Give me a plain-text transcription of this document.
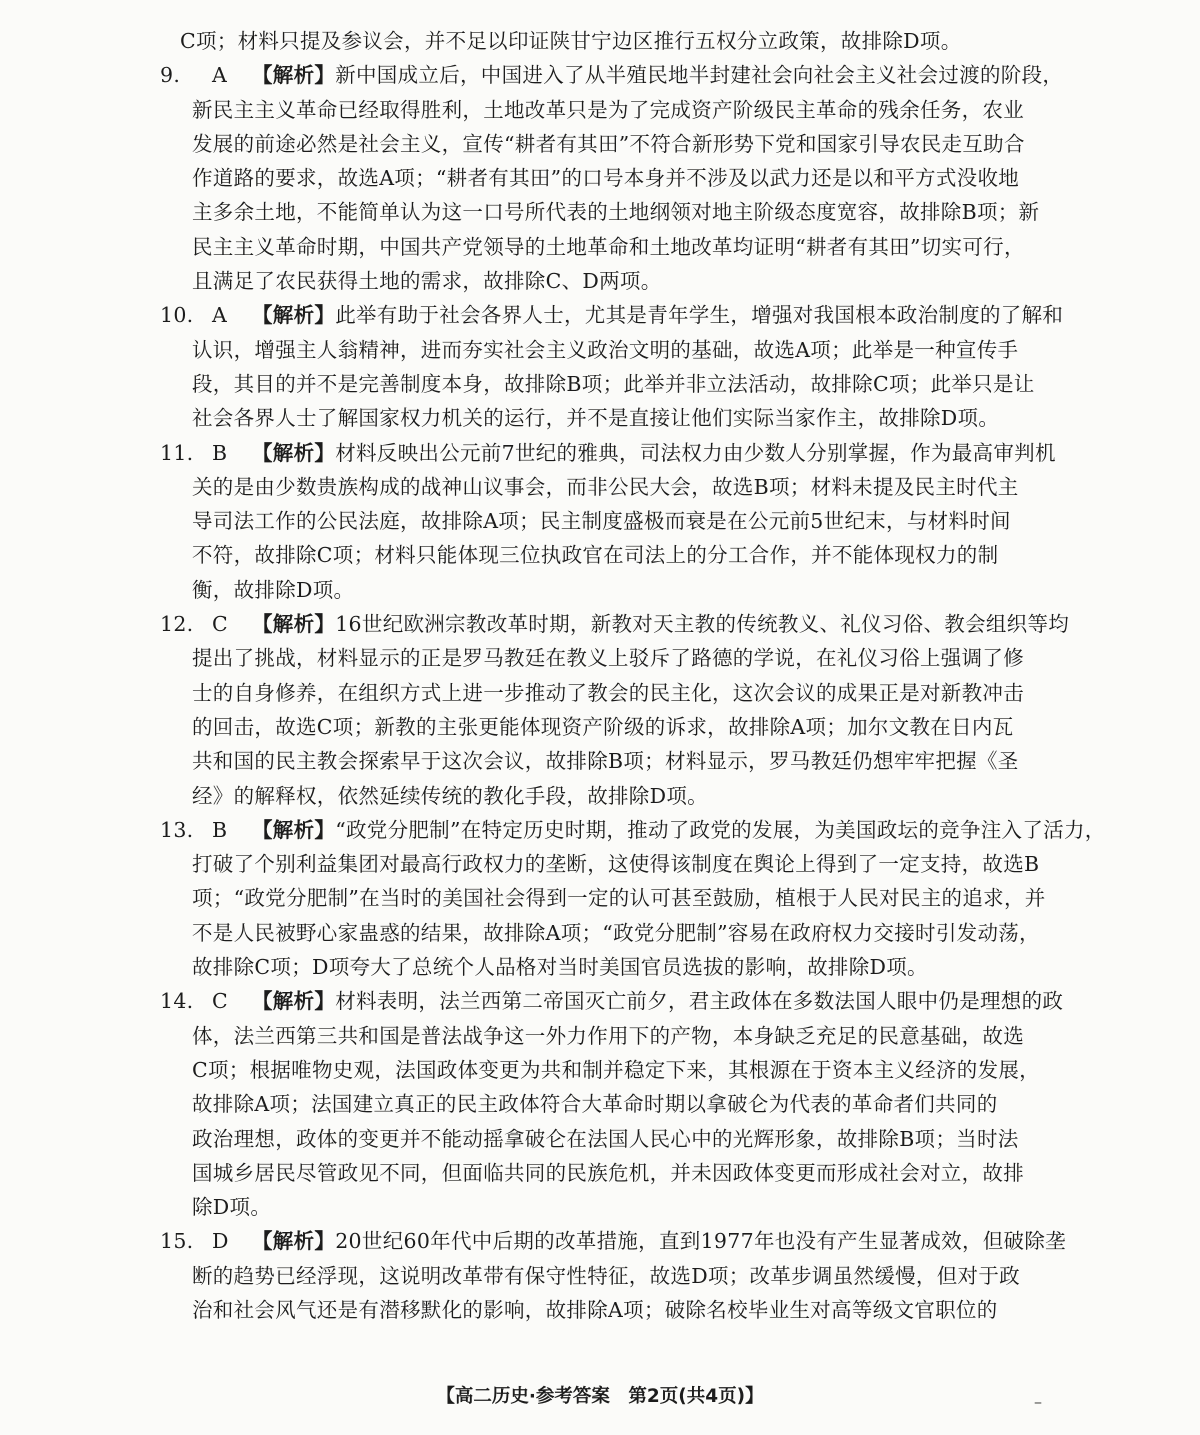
C项；材料只提及参议会，并不足以印证陕甘宁边区推行五权分立政策，故排除D项。

9.	A	【解析】 新中国成立后，中国进入了从半殖民地半封建社会向社会主义社会过渡的阶段，

新民主主义革命已经取得胜利，土地改革只是为了完成资产阶级民主革命的残余任务，农业

发展的前途必然是社会主义，宣传“耕者有其田”不符合新形势下党和国家引导农民走互助合

作道路的要求，故选A项；“耕者有其田”的口号本身并不涉及以武力还是以和平方式没收地

主多余土地，不能简单认为这一口号所代表的土地纲领对地主阶级态度宽容，故排除B项；新

民主主义革命时期，中国共产党领导的土地革命和土地改革均证明“耕者有其田”切实可行，

且满足了农民获得土地的需求，故排除C、D两项。

10. A	【解析】 此举有助于社会各界人士，尤其是青年学生，增强对我国根本政治制度的了解和

认识，增强主人翁精神，进而夯实社会主义政治文明的基础，故选A项；此举是一种宣传手

段，其目的并不是完善制度本身，故排除B项；此举并非立法活动，故排除C项；此举只是让

社会各界人士了解国家权力机关的运行，并不是直接让他们实际当家作主，故排除D项。

11. B	【解析】 材料反映出公元前7世纪的雅典，司法权力由少数人分别掌握，作为最高审判机

关的是由少数贵族构成的战神山议事会，而非公民大会，故选B项；材料未提及民主时代主

导司法工作的公民法庭，故排除A项；民主制度盛极而衰是在公元前5世纪末，与材料时间

不符，故排除C项；材料只能体现三位执政官在司法上的分工合作，并不能体现权力的制

衡，故排除D项。

12. C	【解析】 16世纪欧洲宗教改革时期，新教对天主教的传统教义、礼仪习俗、教会组织等均

提出了挑战，材料显示的正是罗马教廷在教义上驳斥了路德的学说，在礼仪习俗上强调了修

士的自身修养，在组织方式上进一步推动了教会的民主化，这次会议的成果正是对新教冲击

的回击，故选C项；新教的主张更能体现资产阶级的诉求，故排除A项；加尔文教在日内瓦

共和国的民主教会探索早于这次会议，故排除B项；材料显示，罗马教廷仍想牢牢把握《圣

经》的解释权，依然延续传统的教化手段，故排除D项。

13. B	【解析】 “政党分肥制”在特定历史时期，推动了政党的发展，为美国政坛的竞争注入了活力，

打破了个别利益集团对最高行政权力的垄断，这使得该制度在舆论上得到了一定支持，故选B

项；“政党分肥制”在当时的美国社会得到一定的认可甚至鼓励，植根于人民对民主的追求，并

不是人民被野心家蛊惑的结果，故排除A项；“政党分肥制”容易在政府权力交接时引发动荡，

故排除C项；D项夸大了总统个人品格对当时美国官员选拔的影响，故排除D项。

14. C	【解析】 材料表明，法兰西第二帝国灭亡前夕，君主政体在多数法国人眼中仍是理想的政

体，法兰西第三共和国是普法战争这一外力作用下的产物，本身缺乏充足的民意基础，故选

C项；根据唯物史观，法国政体变更为共和制并稳定下来，其根源在于资本主义经济的发展，

故排除A项；法国建立真正的民主政体符合大革命时期以拿破仑为代表的革命者们共同的

政治理想，政体的变更并不能动摇拿破仑在法国人民心中的光辉形象，故排除B项；当时法

国城乡居民尽管政见不同，但面临共同的民族危机，并未因政体变更而形成社会对立，故排

除D项。

15. D	【解析】 20世纪60年代中后期的改革措施，直到1977年也没有产生显著成效，但破除垄

断的趋势已经浮现，这说明改革带有保守性特征，故选D项；改革步调虽然缓慢，但对于政

治和社会风气还是有潜移默化的影响，故排除A项；破除名校毕业生对高等级文官职位的

【高二历史·参考答案　第2页(共4页)】	–
